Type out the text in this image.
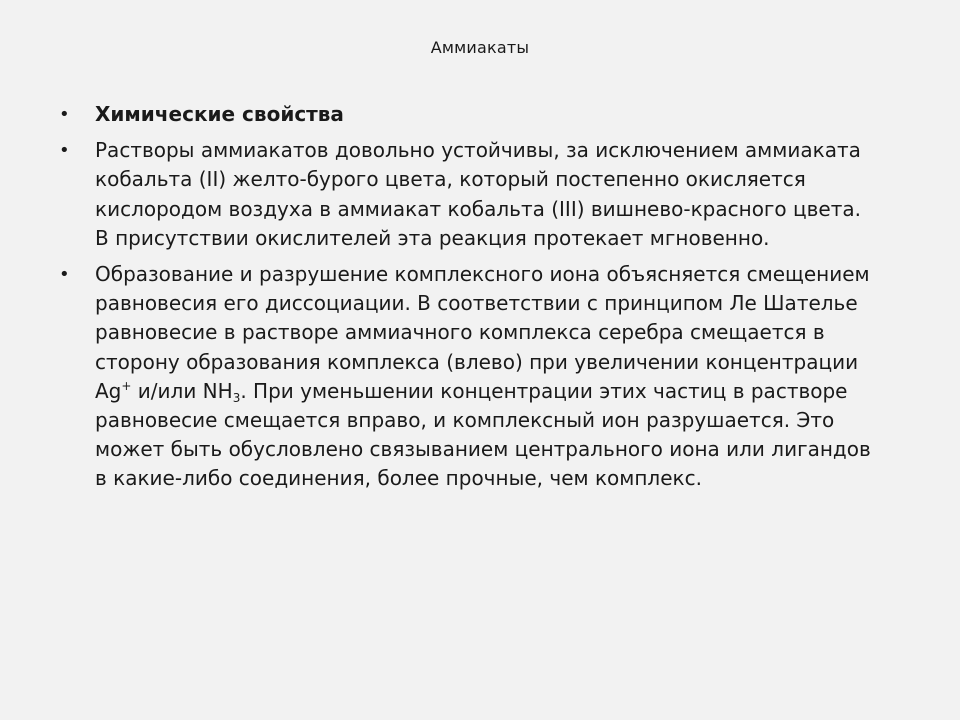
Аммиакаты
• Химические свойства
• Растворы аммиакатов довольно устойчивы, за исключением аммиаката кобальта (II) желто-бурого цвета, который постепенно окисляется кислородом воздуха в аммиакат кобальта (III) вишнево-красного цвета. В присутствии окислителей эта реакция протекает мгновенно.
• Образование и разрушение комплексного иона объясняется смещением равновесия его диссоциации. В соответствии с принципом Ле Шателье равновесие в растворе аммиачного комплекса серебра смещается в сторону образования комплекса (влево) при увеличении концентрации Ag+ и/или $NH_3$. При уменьшении концентрации этих частиц в растворе равновесие смещается вправо, и комплексный ион разрушается. Это может быть обусловлено связыванием центрального иона или лигандов в какие-либо соединения, более прочные, чем комплекс.
